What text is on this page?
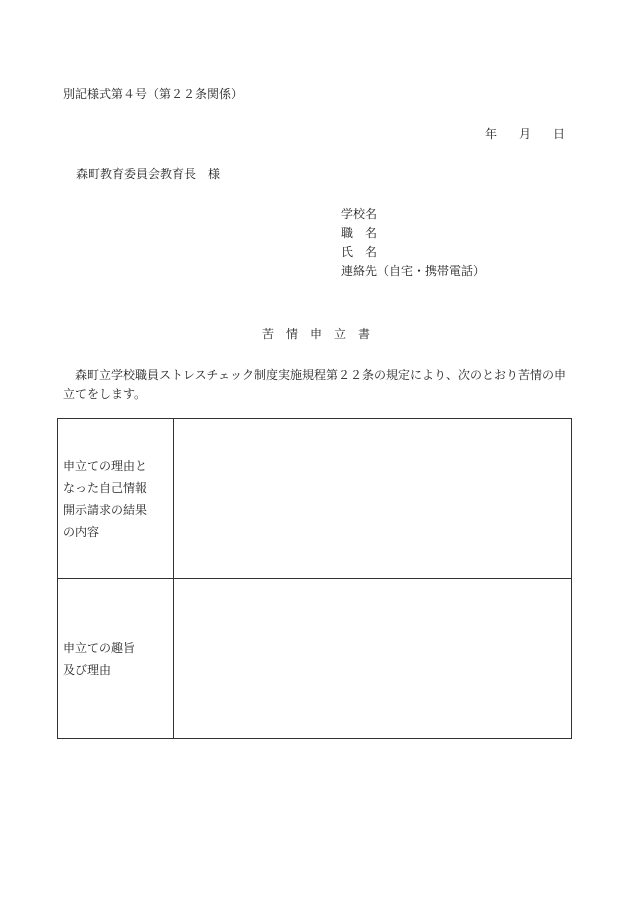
別記様式第４号（第２２条関係）
年 月 日
森町教育委員会教育長　様
学校名
職　名
氏　名
連絡先（自宅・携帯電話）
苦情申立書
森町立学校職員ストレスチェック制度実施規程第２２条の規定により、次のとおり苦情の申立てをします。
申立ての理由と
なった自己情報
開示請求の結果
の内容
申立ての趣旨
及び理由
